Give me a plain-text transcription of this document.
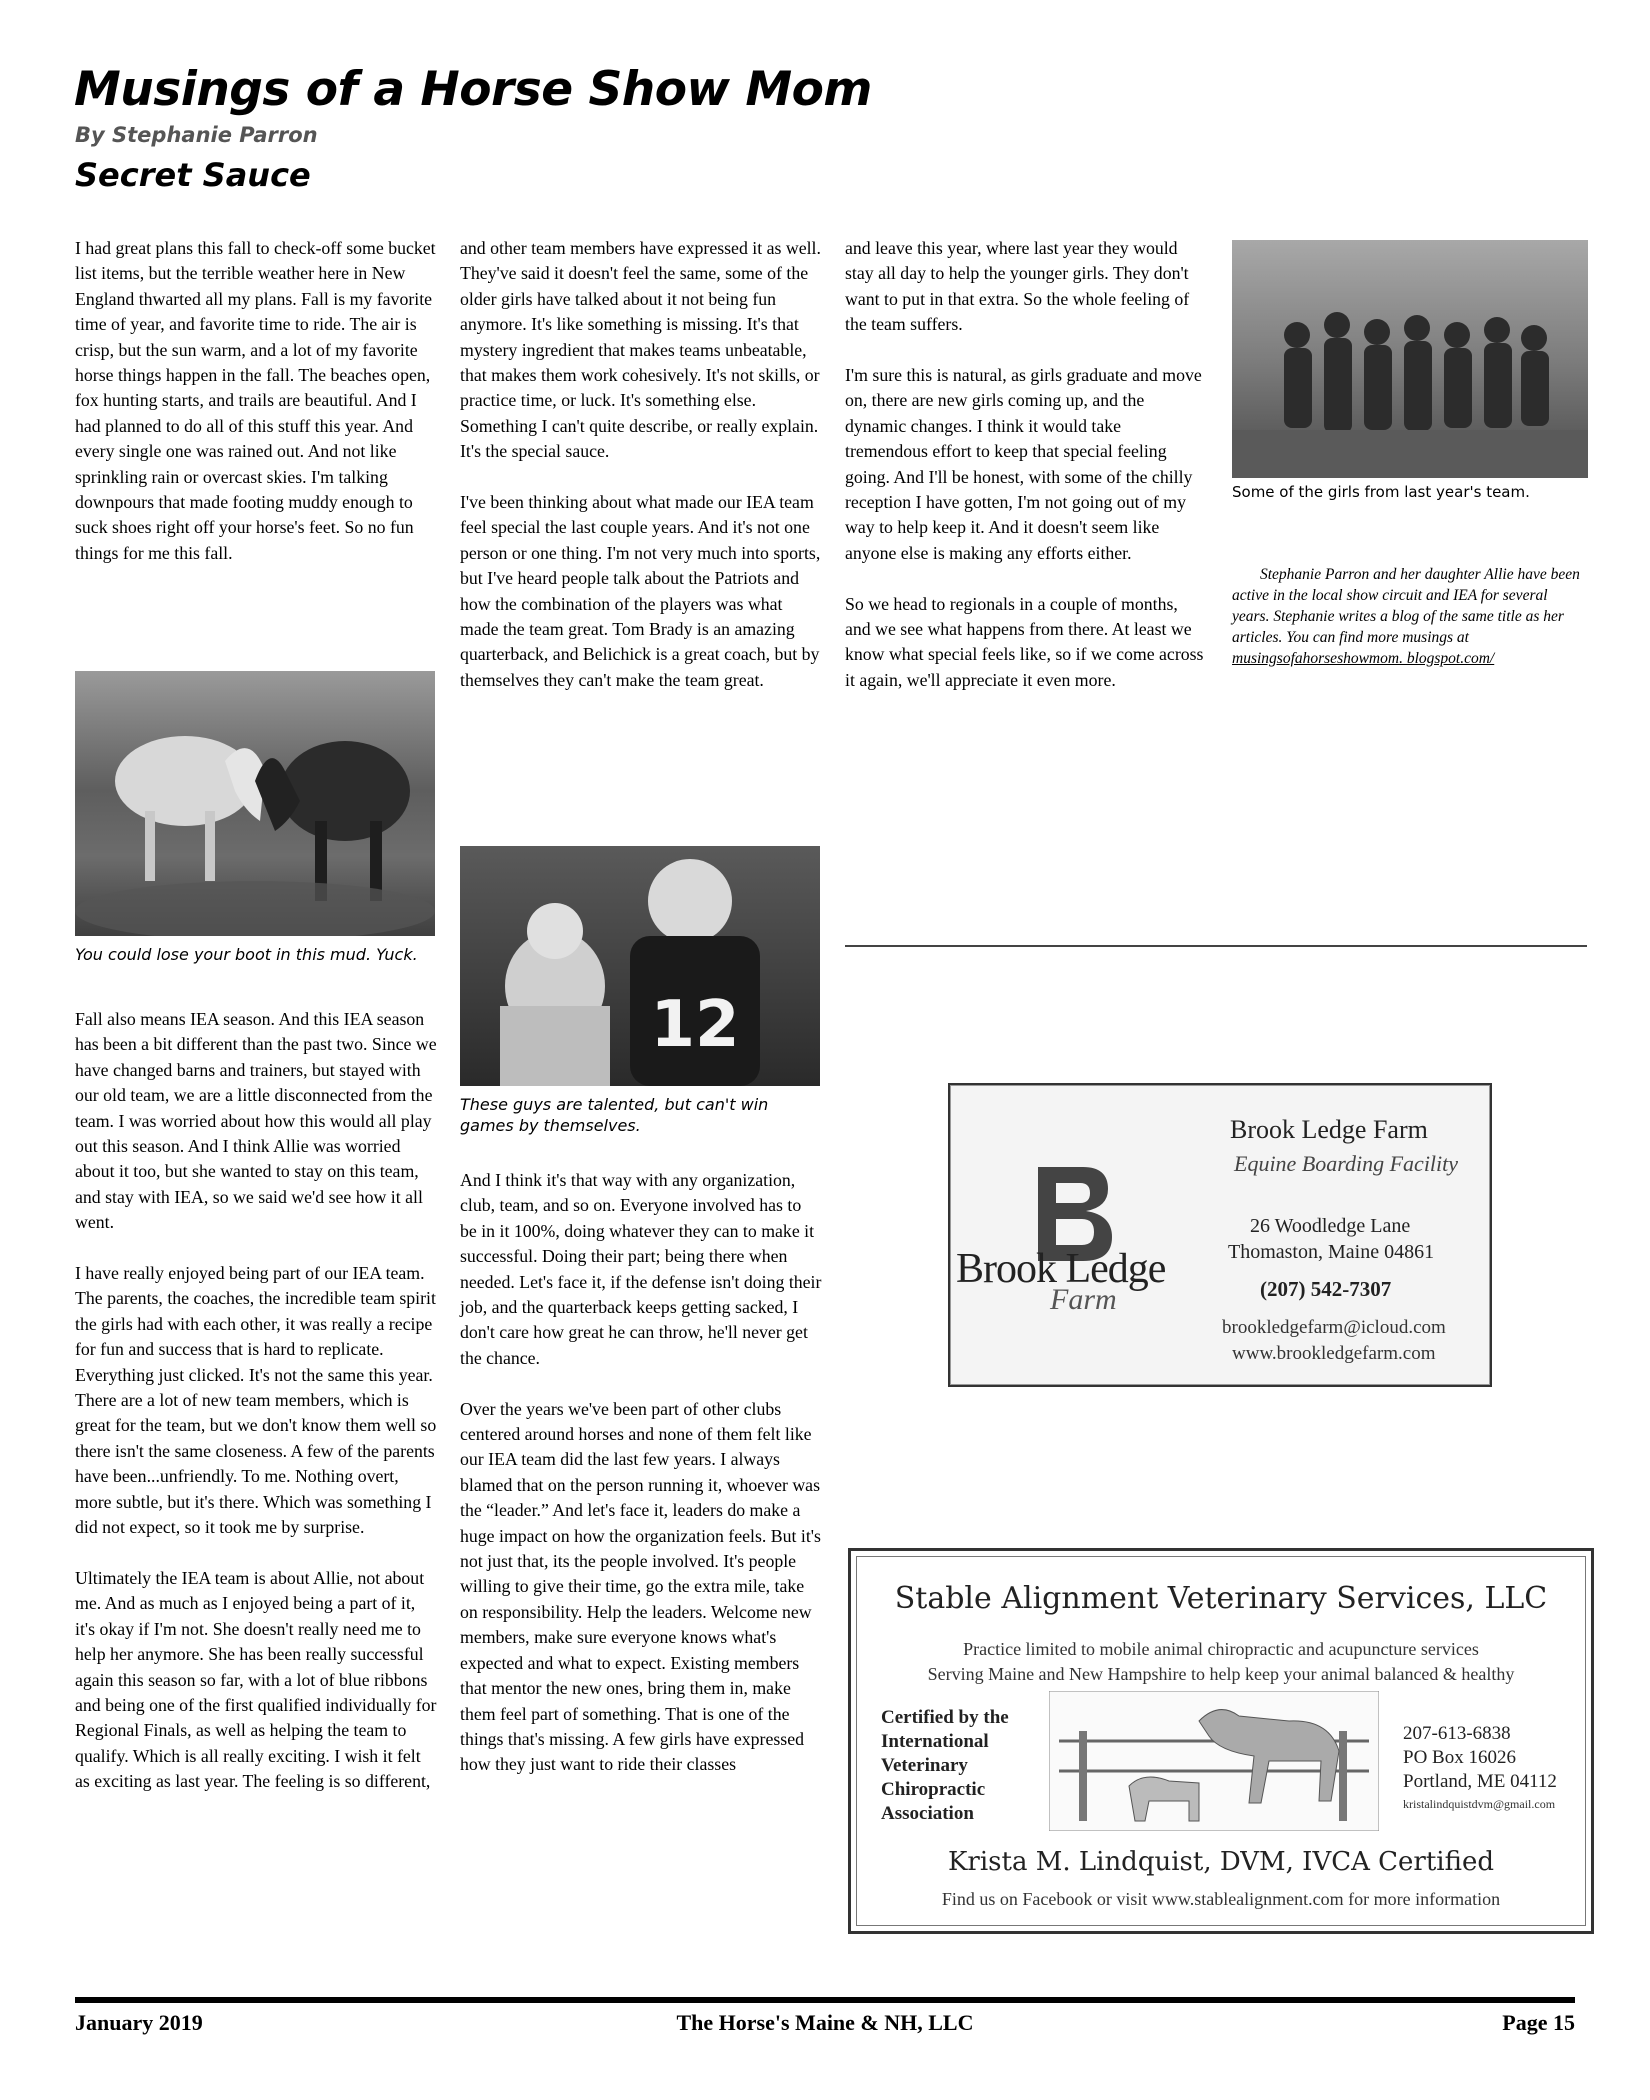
Musings of a Horse Show Mom
By Stephanie Parron
Secret Sauce

I had great plans this fall to check-off some bucket list items, but the terrible weather here in New England thwarted all my plans. Fall is my favorite time of year, and favorite time to ride. The air is crisp, but the sun warm, and a lot of my favorite horse things happen in the fall. The beaches open, fox hunting starts, and trails are beautiful. And I had planned to do all of this stuff this year. And every single one was rained out. And not like sprinkling rain or overcast skies. I'm talking downpours that made footing muddy enough to suck shoes right off your horse's feet. So no fun things for me this fall.

You could lose your boot in this mud. Yuck.

Fall also means IEA season. And this IEA season has been a bit different than the past two. Since we have changed barns and trainers, but stayed with our old team, we are a little disconnected from the team. I was worried about how this would all play out this season. And I think Allie was worried about it too, but she wanted to stay on this team, and stay with IEA, so we said we'd see how it all went.

I have really enjoyed being part of our IEA team. The parents, the coaches, the incredible team spirit the girls had with each other, it was really a recipe for fun and success that is hard to replicate. Everything just clicked. It's not the same this year. There are a lot of new team members, which is great for the team, but we don't know them well so there isn't the same closeness. A few of the parents have been...unfriendly. To me. Nothing overt, more subtle, but it's there. Which was something I did not expect, so it took me by surprise.

Ultimately the IEA team is about Allie, not about me. And as much as I enjoyed being a part of it, it's okay if I'm not. She doesn't really need me to help her anymore. She has been really successful again this season so far, with a lot of blue ribbons and being one of the first qualified individually for Regional Finals, as well as helping the team to qualify. Which is all really exciting. I wish it felt as exciting as last year. The feeling is so different,

and other team members have expressed it as well. They've said it doesn't feel the same, some of the older girls have talked about it not being fun anymore. It's like something is missing. It's that mystery ingredient that makes teams unbeatable, that makes them work cohesively. It's not skills, or practice time, or luck. It's something else. Something I can't quite describe, or really explain. It's the special sauce.

I've been thinking about what made our IEA team feel special the last couple years. And it's not one person or one thing. I'm not very much into sports, but I've heard people talk about the Patriots and how the combination of the players was what made the team great. Tom Brady is an amazing quarterback, and Belichick is a great coach, but by themselves they can't make the team great.

12
These guys are talented, but can't win games by themselves.

And I think it's that way with any organization, club, team, and so on. Everyone involved has to be in it 100%, doing whatever they can to make it successful. Doing their part; being there when needed. Let's face it, if the defense isn't doing their job, and the quarterback keeps getting sacked, I don't care how great he can throw, he'll never get the chance.

Over the years we've been part of other clubs centered around horses and none of them felt like our IEA team did the last few years. I always blamed that on the person running it, whoever was the “leader.” And let's face it, leaders do make a huge impact on how the organization feels. But it's not just that, its the people involved. It's people willing to give their time, go the extra mile, take on responsibility. Help the leaders. Welcome new members, make sure everyone knows what's expected and what to expect. Existing members that mentor the new ones, bring them in, make them feel part of something. That is one of the things that's missing. A few girls have expressed how they just want to ride their classes

and leave this year, where last year they would stay all day to help the younger girls. They don't want to put in that extra. So the whole feeling of the team suffers.

I'm sure this is natural, as girls graduate and move on, there are new girls coming up, and the dynamic changes. I think it would take tremendous effort to keep that special feeling going. And I'll be honest, with some of the chilly reception I have gotten, I'm not going out of my way to help keep it. And it doesn't seem like anyone else is making any efforts either.

So we head to regionals in a couple of months, and we see what happens from there. At least we know what special feels like, so if we come across it again, we'll appreciate it even more.

Some of the girls from last year's team.
Stephanie Parron and her daughter Allie have been active in the local show circuit and IEA for several years. Stephanie writes a blog of the same title as her articles. You can find more musings at musingsofahorseshowmom. blogspot.com/
Brook Ledge
Farm
Brook Ledge Farm
Equine Boarding Facility
26 Woodledge Lane
Thomaston, Maine 04861
(207) 542-7307
brookledgefarm@icloud.com
www.brookledgefarm.com
Stable Alignment Veterinary Services, LLC
Practice limited to mobile animal chiropractic and acupuncture services
Serving Maine and New Hampshire to help keep your animal balanced & healthy
Certified by the International Veterinary Chiropractic Association
207-613-6838
PO Box 16026
Portland, ME 04112
kristalindquistdvm@gmail.com
Krista M. Lindquist, DVM, IVCA Certified
Find us on Facebook or visit www.stablealignment.com for more information
January 2019	The Horse's Maine & NH, LLC	Page 15
